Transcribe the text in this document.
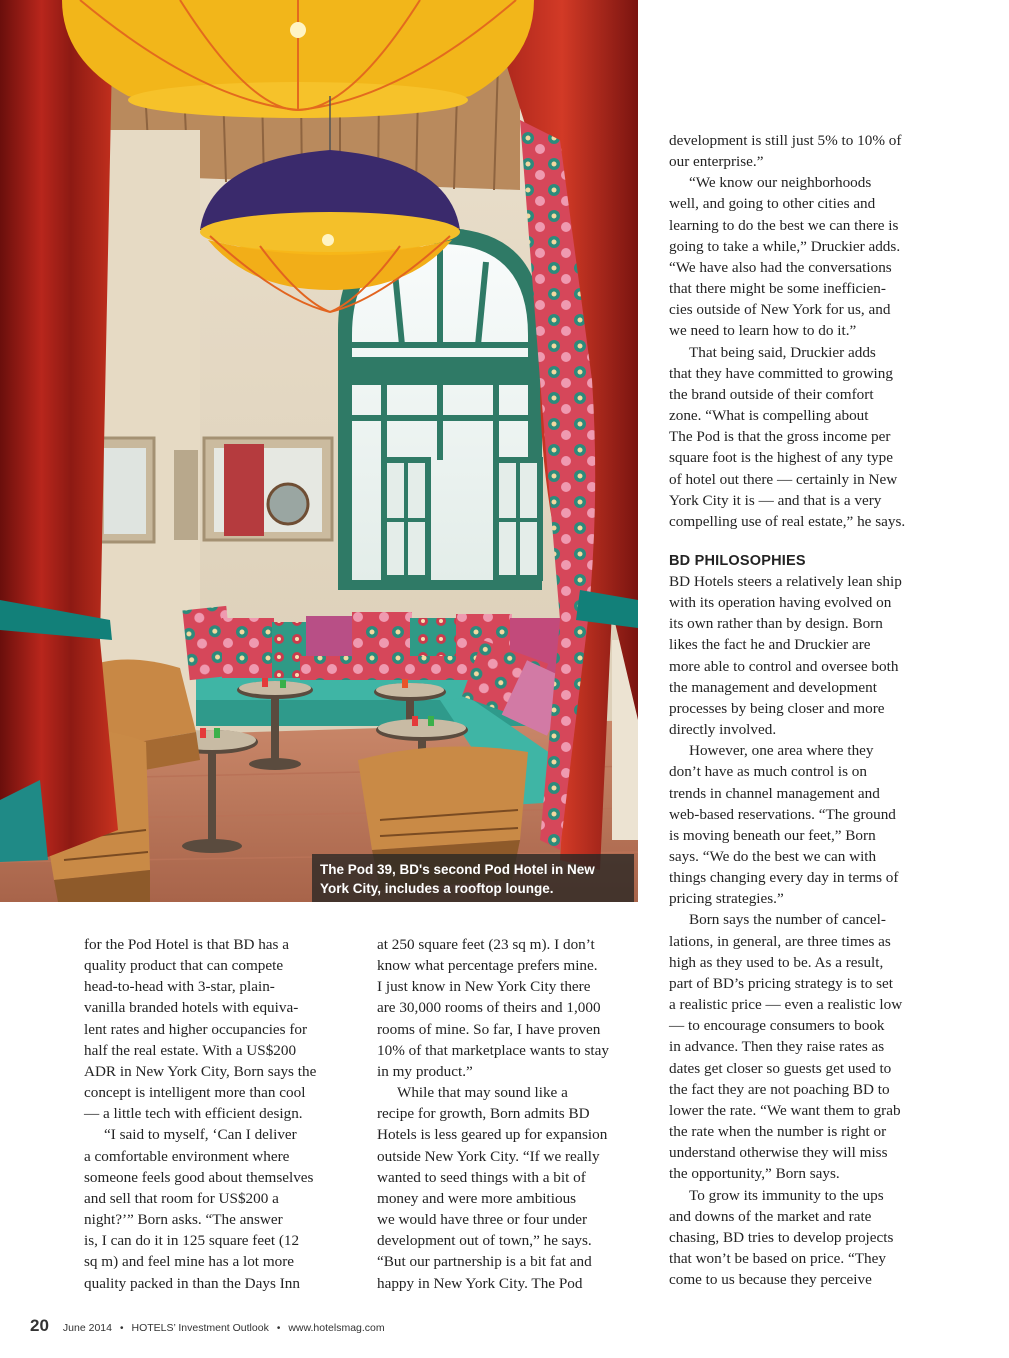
The Pod 39, BD's second Pod Hotel in New York City, includes a rooftop lounge.

for the Pod Hotel is that BD has a

quality product that can compete

head-to-head with 3-star, plain-

vanilla branded hotels with equiva-

lent rates and higher occupancies for

half the real estate. With a US$200

ADR in New York City, Born says the

concept is intelligent more than cool

— a little tech with efficient design.

“I said to myself, ‘Can I deliver

a comfortable environment where

someone feels good about themselves

and sell that room for US$200 a

night?’” Born asks. “The answer

is, I can do it in 125 square feet (12

sq m) and feel mine has a lot more

quality packed in than the Days Inn

at 250 square feet (23 sq m). I don’t

know what percentage prefers mine.

I just know in New York City there

are 30,000 rooms of theirs and 1,000

rooms of mine. So far, I have proven

10% of that marketplace wants to stay

in my product.”

While that may sound like a

recipe for growth, Born admits BD

Hotels is less geared up for expansion

outside New York City. “If we really

wanted to seed things with a bit of

money and were more ambitious

we would have three or four under

development out of town,” he says.

“But our partnership is a bit fat and

happy in New York City. The Pod

development is still just 5% to 10% of

our enterprise.”

“We know our neighborhoods

well, and going to other cities and

learning to do the best we can there is

going to take a while,” Druckier adds.

“We have also had the conversations

that there might be some inefficien-

cies outside of New York for us, and

we need to learn how to do it.”

That being said, Druckier adds

that they have committed to growing

the brand outside of their comfort

zone. “What is compelling about

The Pod is that the gross income per

square foot is the highest of any type

of hotel out there — certainly in New

York City it is — and that is a very

compelling use of real estate,” he says.

BD PHILOSOPHIES

BD Hotels steers a relatively lean ship

with its operation having evolved on

its own rather than by design. Born

likes the fact he and Druckier are

more able to control and oversee both

the management and development

processes by being closer and more

directly involved.

However, one area where they

don’t have as much control is on

trends in channel management and

web-based reservations. “The ground

is moving beneath our feet,” Born

says. “We do the best we can with

things changing every day in terms of

pricing strategies.”

Born says the number of cancel-

lations, in general, are three times as

high as they used to be. As a result,

part of BD’s pricing strategy is to set

a realistic price — even a realistic low

— to encourage consumers to book

in advance. Then they raise rates as

dates get closer so guests get used to

the fact they are not poaching BD to

lower the rate. “We want them to grab

the rate when the number is right or

understand otherwise they will miss

the opportunity,” Born says.

To grow its immunity to the ups

and downs of the market and rate

chasing, BD tries to develop projects

that won’t be based on price. “They

come to us because they perceive

20 June 2014 • HOTELS’ Investment Outlook • www.hotelsmag.com
